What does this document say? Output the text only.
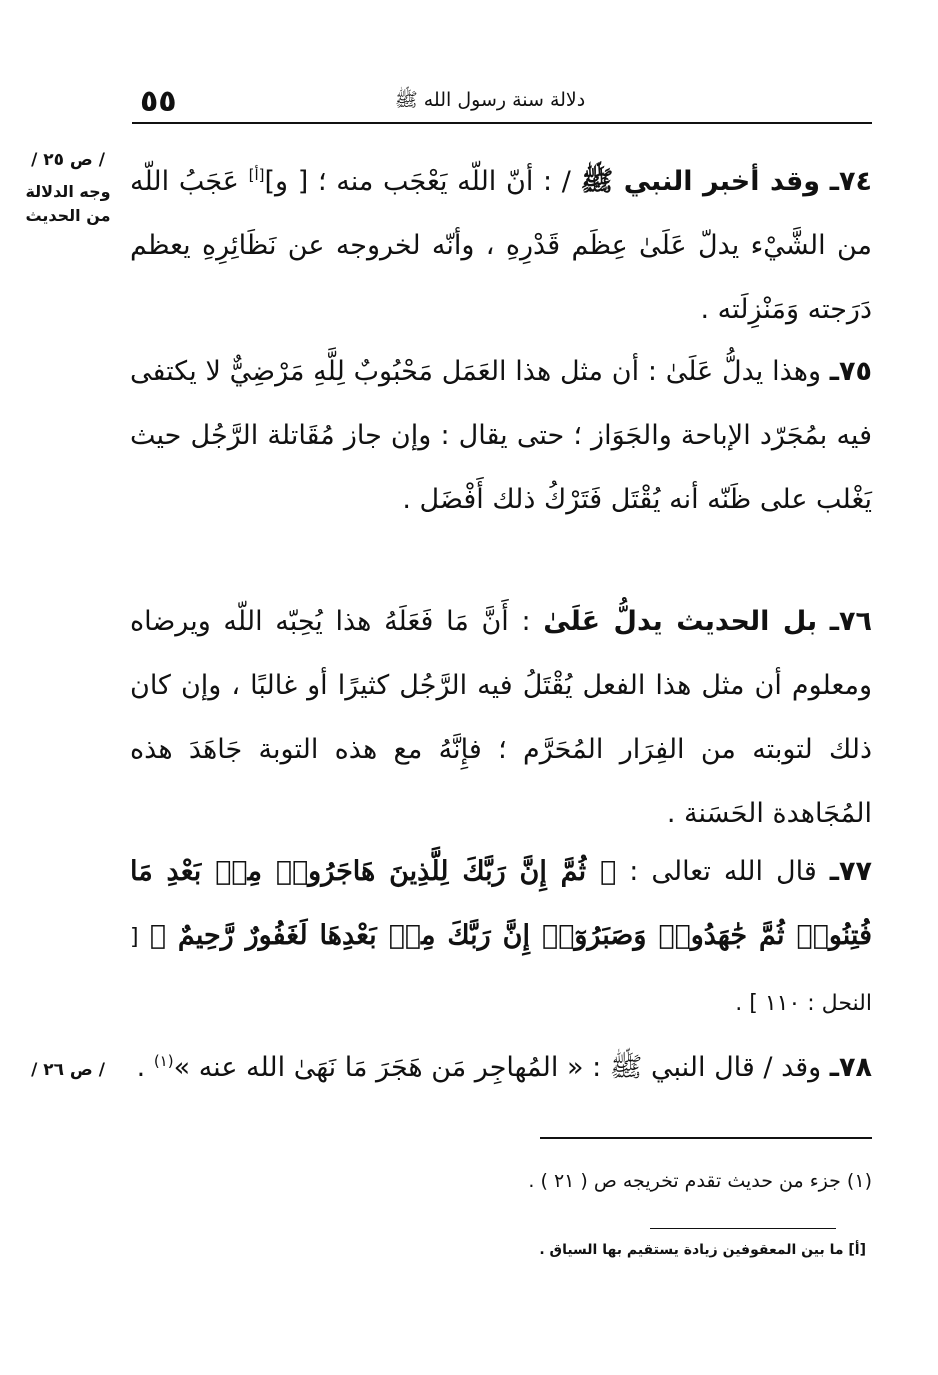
٥٥	دلالة سنة رسول الله ﷺ
/ ص ٢٥ /
وجه الدلالة من الحديث
/ ص ٢٦ /
٧٤ـ وقد أخبر النبي ﷺ / : أنّ اللّه يَعْجَب منه ؛ [ و][أ] عَجَبُ اللّه من الشَّيْء يدلّ عَلَىٰ عِظَم قَدْرِهِ ، وأنّه لخروجه عن نَظَائِرِهِ يعظم دَرَجته وَمَنْزِلَته .
٧٥ـ وهذا يدلُّ عَلَىٰ : أن مثل هذا العَمَل مَحْبُوبٌ لِلَّهِ مَرْضِيٌّ لا يكتفى فيه بمُجَرّد الإباحة والجَوَاز ؛ حتى يقال : وإن جاز مُقَاتلة الرَّجُل حيث يَغْلب على ظَنّه أنه يُقْتَل فَتَرْكُ ذلك أَفْضَل .
٧٦ـ بل الحديث يدلُّ عَلَىٰ : أَنَّ مَا فَعَلَهُ هذا يُحِبّه اللّه ويرضاه ومعلوم أن مثل هذا الفعل يُقْتَلُ فيه الرَّجُل كثيرًا أو غالبًا ، وإن كان ذلك لتوبته من الفِرَار المُحَرَّم ؛ فإِنَّهُ مع هذه التوبة جَاهَدَ هذه المُجَاهدة الحَسَنة .
٧٧ـ قال الله تعالى : ﴿ ثُمَّ إِنَّ رَبَّكَ لِلَّذِينَ هَاجَرُوا۟ مِنۢ بَعْدِ مَا فُتِنُوا۟ ثُمَّ جَٰهَدُوا۟ وَصَبَرُوٓا۟ إِنَّ رَبَّكَ مِنۢ بَعْدِهَا لَغَفُورٌ رَّحِيمٌ ﴾ [ النحل : ١١٠ ] .
٧٨ـ وقد / قال النبي ﷺ : « المُهاجِر مَن هَجَرَ مَا نَهَىٰ الله عنه »$^{(١)}$ .
(١) جزء من حديث تقدم تخريجه ص ( ٢١ ) .
[أ] ما بين المعقوفين زيادة يستقيم بها السياق .
